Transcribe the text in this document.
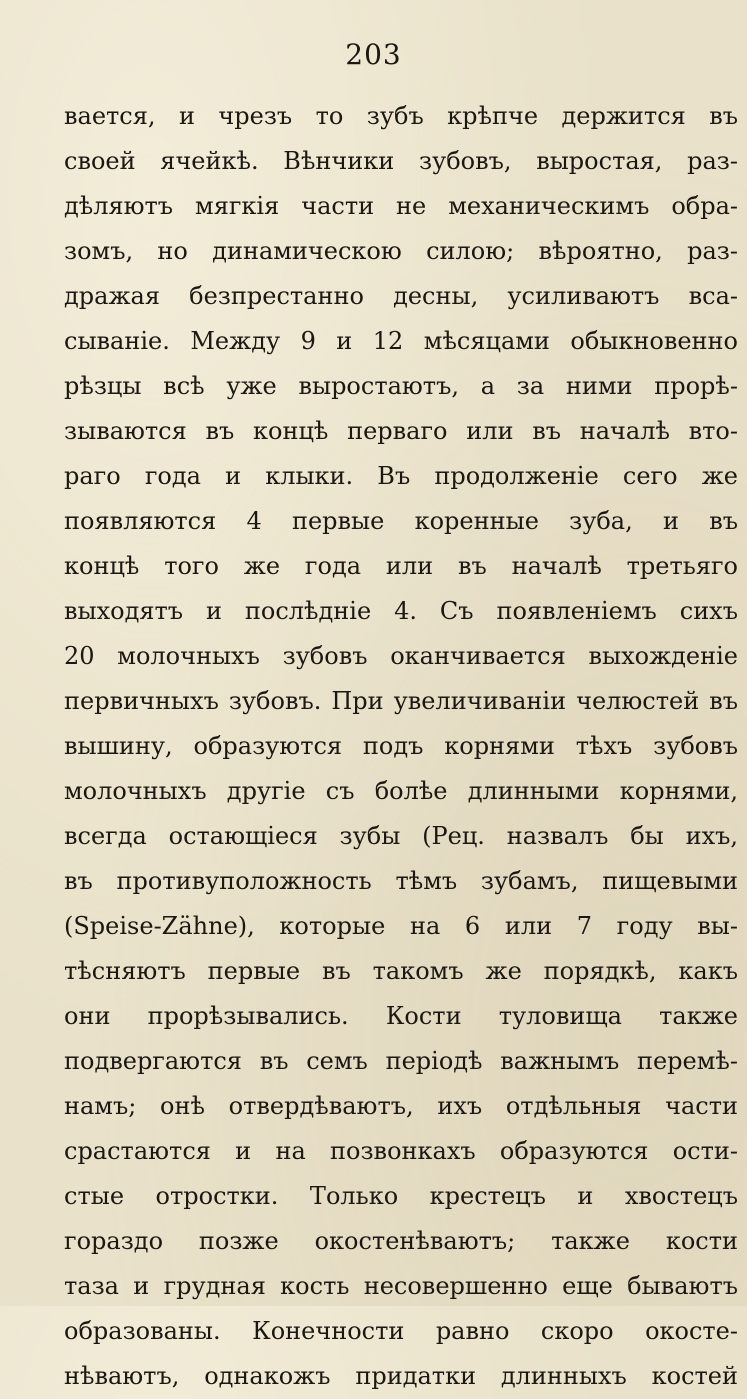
203
вается, и чрезъ то зубъ крѣпче держится въ
своей ячейкѣ. Вѣнчики зубовъ, выростая, раз-
дѣляютъ мягкія части не механическимъ обра-
зомъ, но динамическою силою; вѣроятно, раз-
дражая безпрестанно десны, усиливаютъ вса-
сываніе. Между 9 и 12 мѣсяцами обыкновенно
рѣзцы всѣ уже выростаютъ, а за ними прорѣ-
зываются въ концѣ перваго или въ началѣ вто-
раго года и клыки. Въ продолженіе сего же
появляются 4 первые коренные зуба, и въ
концѣ того же года или въ началѣ третьяго
выходятъ и послѣдніе 4. Съ появленіемъ сихъ
20 молочныхъ зубовъ оканчивается выхожденіе
первичныхъ зубовъ. При увеличиваніи челюстей въ
вышину, образуются подъ корнями тѣхъ зубовъ
молочныхъ другіе съ болѣе длинными корнями,
всегда остающіеся зубы (Рец. назвалъ бы ихъ,
въ противуположность тѣмъ зубамъ, пищевыми
(Speise-Zähne), которые на 6 или 7 году вы-
тѣсняютъ первые въ такомъ же порядкѣ, какъ
они прорѣзывались. Кости туловища также
подвергаются въ семъ періодѣ важнымъ перемѣ-
намъ; онѣ отвердѣваютъ, ихъ отдѣльныя части
срастаются и на позвонкахъ образуются ости-
стые отростки. Только крестецъ и хвостецъ
гораздо позже окостенѣваютъ; также кости
таза и грудная кость несовершенно еще бываютъ
образованы. Конечности равно скоро окосте-
нѣваютъ, однакожъ придатки длинныхъ костей
